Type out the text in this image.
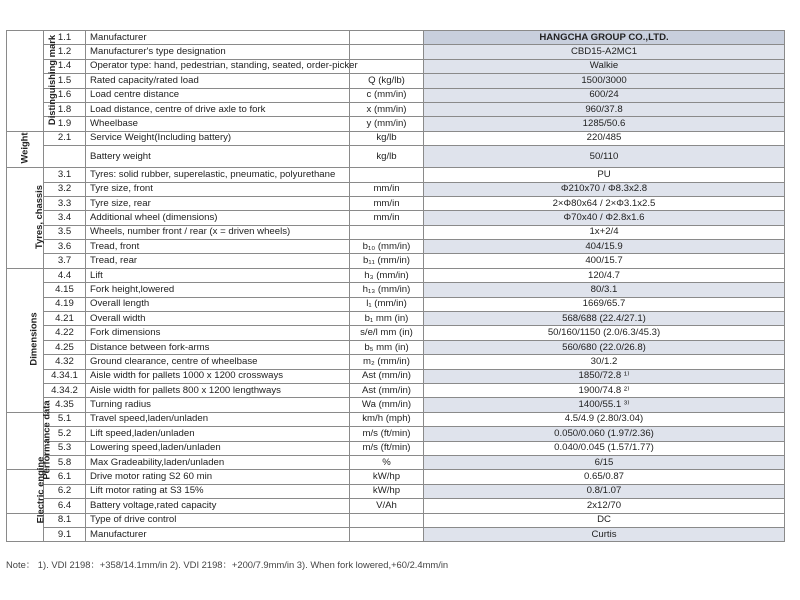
Distinguishing mark	1.1	Manufacturer		HANGCHA GROUP CO.,LTD.
	1.2	Manufacturer's type designation		CBD15-A2MC1
	1.4	Operator type: hand, pedestrian, standing, seated, order-picker		Walkie
	1.5	Rated capacity/rated load	Q (kg/lb)	1500/3000
	1.6	Load centre distance	c (mm/in)	600/24
	1.8	Load distance, centre of drive axle to fork	x (mm/in)	960/37.8
	1.9	Wheelbase	y (mm/in)	1285/50.6
Weight	2.1	Service Weight(Including battery)	kg/lb	220/485
		Battery weight	kg/lb	50/110
Tyres, chassis	3.1	Tyres: solid rubber, superelastic, pneumatic, polyurethane		PU
	3.2	Tyre size, front	mm/in	Φ210x70 / Φ8.3x2.8
	3.3	Tyre size, rear	mm/in	2×Φ80x64 / 2×Φ3.1x2.5
	3.4	Additional wheel (dimensions)	mm/in	Φ70x40 / Φ2.8x1.6
	3.5	Wheels, number front / rear (x = driven wheels)		1x+2/4
	3.6	Tread, front	b₁₀ (mm/in)	404/15.9
	3.7	Tread, rear	b₁₁ (mm/in)	400/15.7
Dimensions	4.4	Lift	h₃ (mm/in)	120/4.7
	4.15	Fork height,lowered	h₁₃ (mm/in)	80/3.1
	4.19	Overall length	l₁ (mm/in)	1669/65.7
	4.21	Overall width	b₁ mm (in)	568/688 (22.4/27.1)
	4.22	Fork dimensions	s/e/l mm (in)	50/160/1150 (2.0/6.3/45.3)
	4.25	Distance between fork-arms	b₅ mm (in)	560/680 (22.0/26.8)
	4.32	Ground clearance, centre of wheelbase	m₂ (mm/in)	30/1.2
	4.34.1	Aisle width for pallets 1000 x 1200 crossways	Ast (mm/in)	1850/72.8 ¹⁾
	4.34.2	Aisle width for pallets 800 x 1200 lengthways	Ast (mm/in)	1900/74.8 ²⁾
	4.35	Turning radius	Wa (mm/in)	1400/55.1 ³⁾
Performance data	5.1	Travel speed,laden/unladen	km/h (mph)	4.5/4.9 (2.80/3.04)
	5.2	Lift speed,laden/unladen	m/s (ft/min)	0.050/0.060 (1.97/2.36)
	5.3	Lowering speed,laden/unladen	m/s (ft/min)	0.040/0.045 (1.57/1.77)
	5.8	Max Gradeability,laden/unladen	%	6/15
Electric engine	6.1	Drive motor rating S2 60 min	kW/hp	0.65/0.87
	6.2	Lift motor rating at S3 15%	kW/hp	0.8/1.07
	6.4	Battery voltage,rated capacity	V/Ah	2x12/70
	8.1	Type of drive control		DC
	9.1	Manufacturer		Curtis
Note： 1). VDI 2198：+358/14.1mm/in 2). VDI 2198：+200/7.9mm/in 3). When fork lowered,+60/2.4mm/in
